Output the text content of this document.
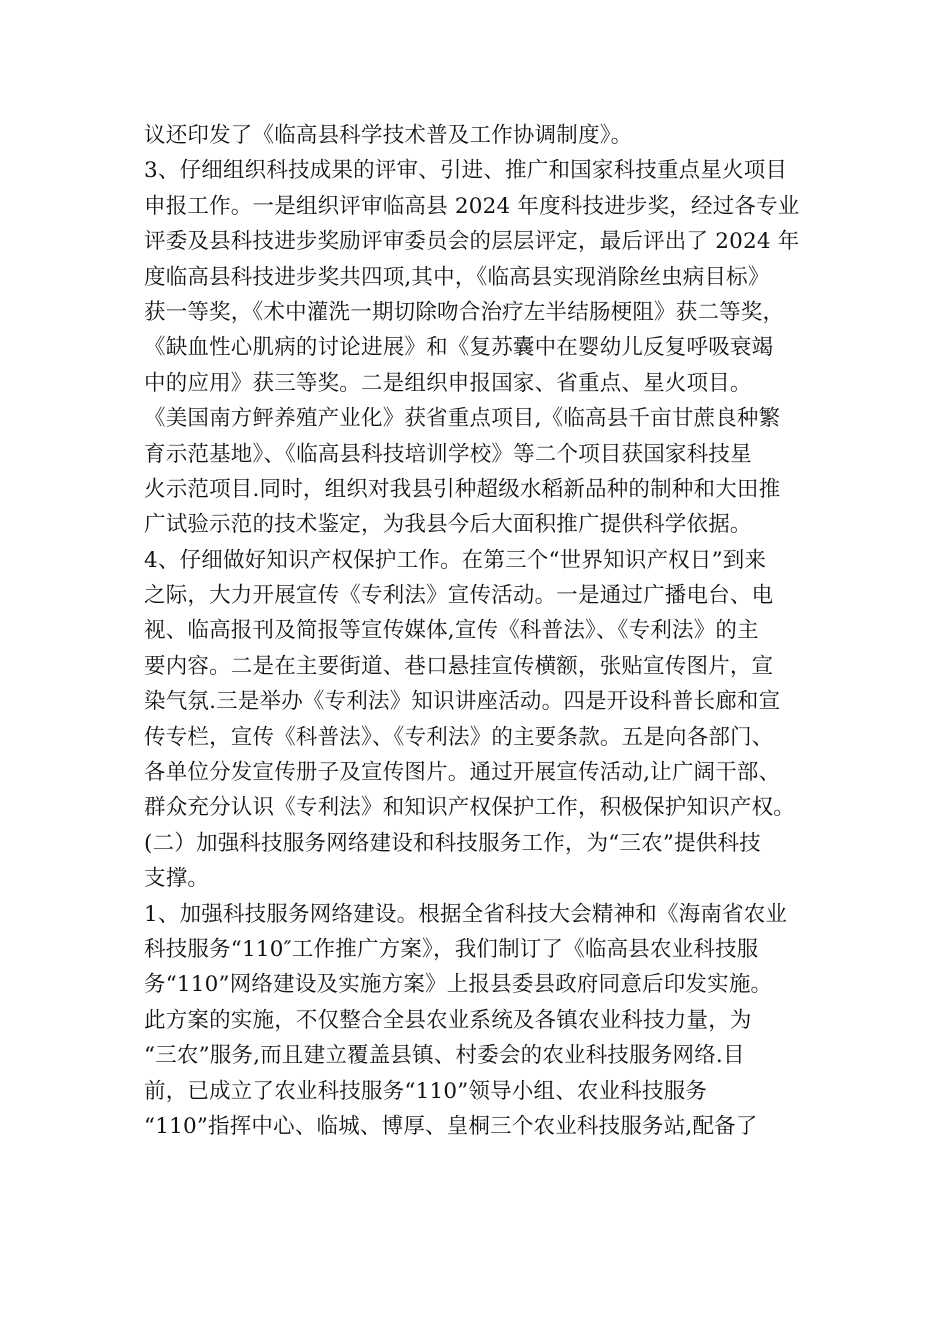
议还印发了《临高县科学技术普及工作协调制度》。
3、仔细组织科技成果的评审、引进、推广和国家科技重点星火项目
申报工作。一是组织评审临高县 2024 年度科技进步奖，经过各专业
评委及县科技进步奖励评审委员会的层层评定，最后评出了 2024 年
度临高县科技进步奖共四项,其中，《临高县实现消除丝虫病目标》
获一等奖，《术中灌洗一期切除吻合治疗左半结肠梗阻》获二等奖，
《缺血性心肌病的讨论进展》和《复苏囊中在婴幼儿反复呼吸衰竭
中的应用》获三等奖。二是组织申报国家、省重点、星火项目。
《美国南方鲆养殖产业化》获省重点项目,《临高县千亩甘蔗良种繁
育示范基地》、《临高县科技培训学校》等二个项目获国家科技星
火示范项目.同时，组织对我县引种超级水稻新品种的制种和大田推
广试验示范的技术鉴定，为我县今后大面积推广提供科学依据。
4、仔细做好知识产权保护工作。在第三个“世界知识产权日”到来
之际，大力开展宣传《专利法》宣传活动。一是通过广播电台、电
视、临高报刊及简报等宣传媒体,宣传《科普法》、《专利法》的主
要内容。二是在主要街道、巷口悬挂宣传横额，张贴宣传图片，宣
染气氛.三是举办《专利法》知识讲座活动。四是开设科普长廊和宣
传专栏，宣传《科普法》、《专利法》的主要条款。五是向各部门、
各单位分发宣传册子及宣传图片。通过开展宣传活动,让广阔干部、
群众充分认识《专利法》和知识产权保护工作，积极保护知识产权。
(二）加强科技服务网络建设和科技服务工作，为“三农”提供科技
支撑。
1、加强科技服务网络建设。根据全省科技大会精神和《海南省农业
科技服务“110″工作推广方案》，我们制订了《临高县农业科技服
务“110”网络建设及实施方案》上报县委县政府同意后印发实施。
此方案的实施，不仅整合全县农业系统及各镇农业科技力量，为
“三农”服务,而且建立覆盖县镇、村委会的农业科技服务网络.目
前，已成立了农业科技服务“110”领导小组、农业科技服务
“110”指挥中心、临城、博厚、皇桐三个农业科技服务站,配备了
